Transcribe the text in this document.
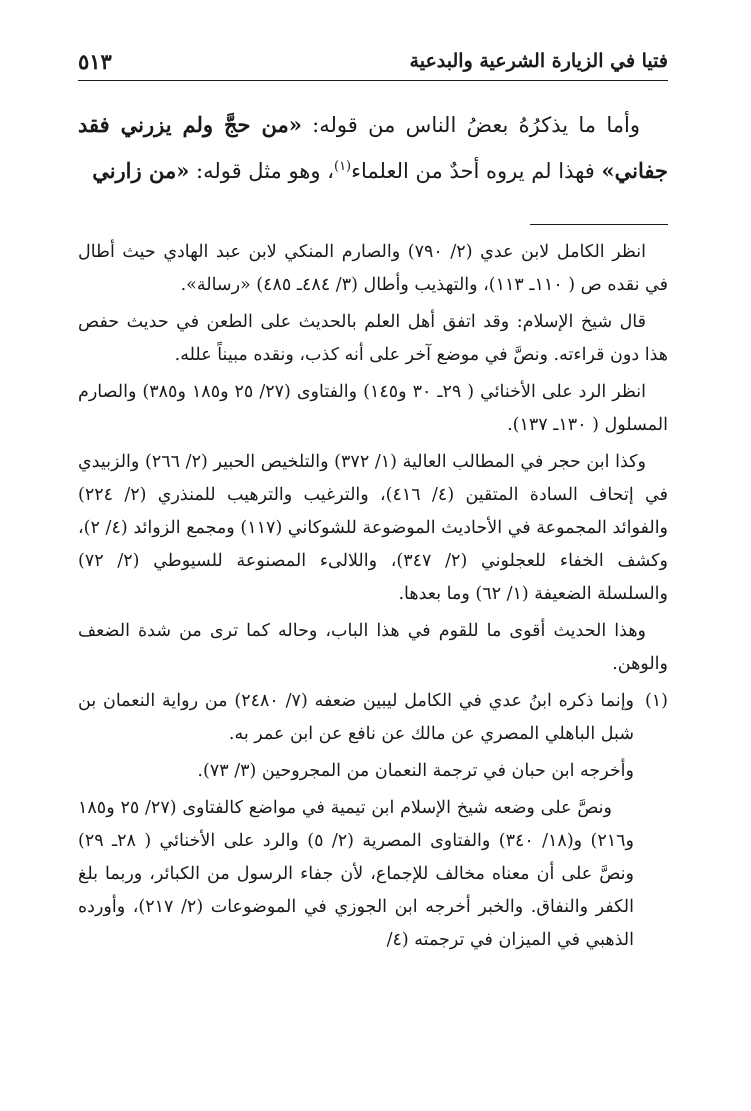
فتيا في الزيارة الشرعية والبدعية
٥١٣
وأما ما يذكرُهُ بعضُ الناس من قوله: «من حجَّ ولم يزرني فقد جفاني» فهذا لم يروه أحدٌ من العلماء$^{(١)}$، وهو مثل قوله: «من زارني

انظر الكامل لابن عدي (٢/ ٧٩٠) والصارم المنكي لابن عبد الهادي حيث أطال في نقده ص ( ١١٠ـ ١١٣)، والتهذيب وأطال (٣/ ٤٨٤ـ ٤٨٥) «رسالة».

قال شيخ الإسلام: وقد اتفق أهل العلم بالحديث على الطعن في حديث حفص هذا دون قراءته. ونصَّ في موضع آخر على أنه كذب، ونقده مبيناً علله.

انظر الرد على الأخنائي ( ٢٩ـ ٣٠ و١٤٥) والفتاوى (٢٧/ ٢٥ و١٨٥ و٣٨٥) والصارم المسلول ( ١٣٠ـ ١٣٧).

وكذا ابن حجر في المطالب العالية (١/ ٣٧٢) والتلخيص الحبير (٢/ ٢٦٦) والزبيدي في إتحاف السادة المتقين (٤/ ٤١٦)، والترغيب والترهيب للمنذري (٢/ ٢٢٤) والفوائد المجموعة في الأحاديث الموضوعة للشوكاني (١١٧) ومجمع الزوائد (٤/ ٢)، وكشف الخفاء للعجلوني (٢/ ٣٤٧)، واللالىء المصنوعة للسيوطي (٢/ ٧٢) والسلسلة الضعيفة (١/ ٦٢) وما بعدها.

وهذا الحديث أقوى ما للقوم في هذا الباب، وحاله كما ترى من شدة الضعف والوهن.

(١)

وإنما ذكره ابنُ عدي في الكامل ليبين ضعفه (٧/ ٢٤٨٠) من رواية النعمان بن شبل الباهلي المصري عن مالك عن نافع عن ابن عمر به.

وأخرجه ابن حبان في ترجمة النعمان من المجروحين (٣/ ٧٣).

ونصَّ على وضعه شيخ الإسلام ابن تيمية في مواضع كالفتاوى (٢٧/ ٢٥ و١٨٥ و٢١٦) و(١٨/ ٣٤٠) والفتاوى المصرية (٢/ ٥) والرد على الأخنائي ( ٢٨ـ ٢٩) ونصَّ على أن معناه مخالف للإجماع، لأن جفاء الرسول من الكبائر، وربما بلغ الكفر والنفاق. والخبر أخرجه ابن الجوزي في الموضوعات (٢/ ٢١٧)، وأورده الذهبي في الميزان في ترجمته (٤/
